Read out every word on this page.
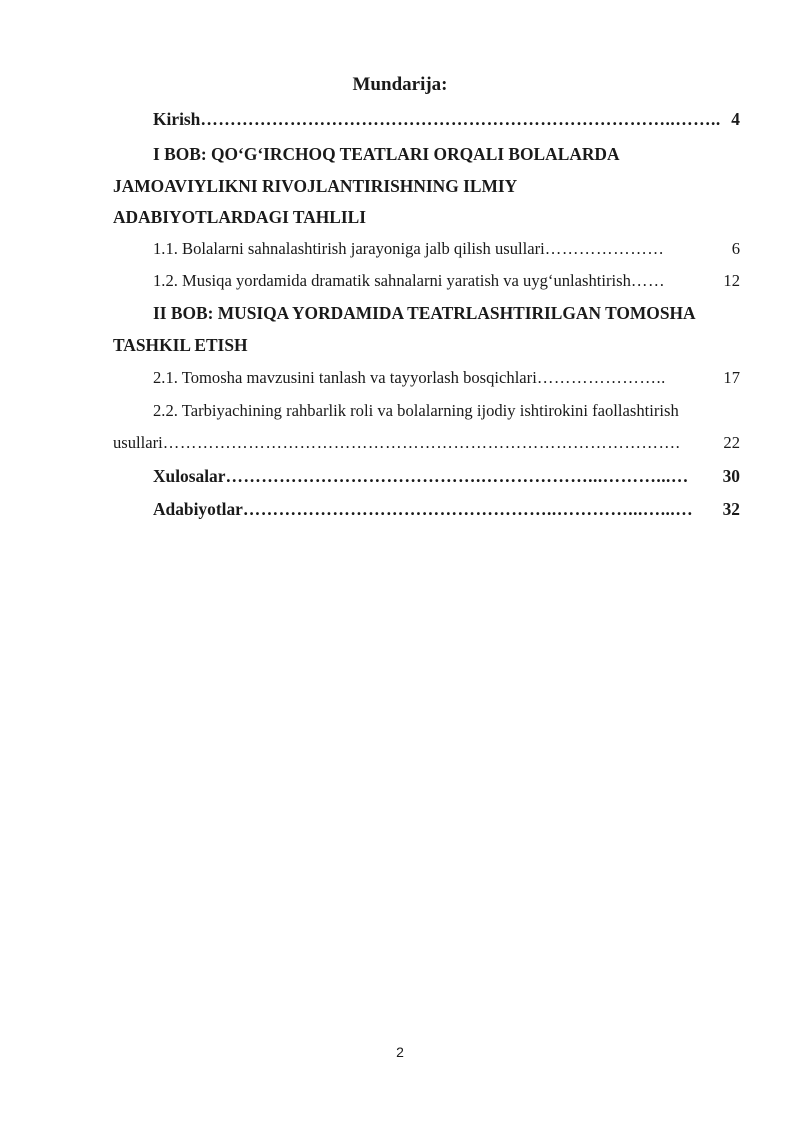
Mundarija:
Kirish ……………………………………………………………………..…….. 4
I BOB: QO‘G‘IRCHOQ TEATLARI ORQALI BOLALARDA
JAMOAVIYLIKNI RIVOJLANTIRISHNING ILMIY
ADABIYOTLARDAGI TAHLILI
1.1. Bolalarni sahnalashtirish jarayoniga jalb qilish usullari …………………	6
1.2. Musiqa yordamida dramatik sahnalarni yaratish va uyg‘unlashtirish ……	12
II BOB: MUSIQA YORDAMIDA TEATRLASHTIRILGAN TOMOSHA
TASHKIL ETISH
2.1. Tomosha mavzusini tanlash va tayyorlash bosqichlari …………………..	17
2.2. Tarbiyachining rahbarlik roli va bolalarning ijodiy ishtirokini faollashtirish
usullari ……………………………………………………………………………….	22
Xulosalar …………………………………….………………...………...…	30
Adabiyotlar ……………………………………………..…………...…...…	32
2
